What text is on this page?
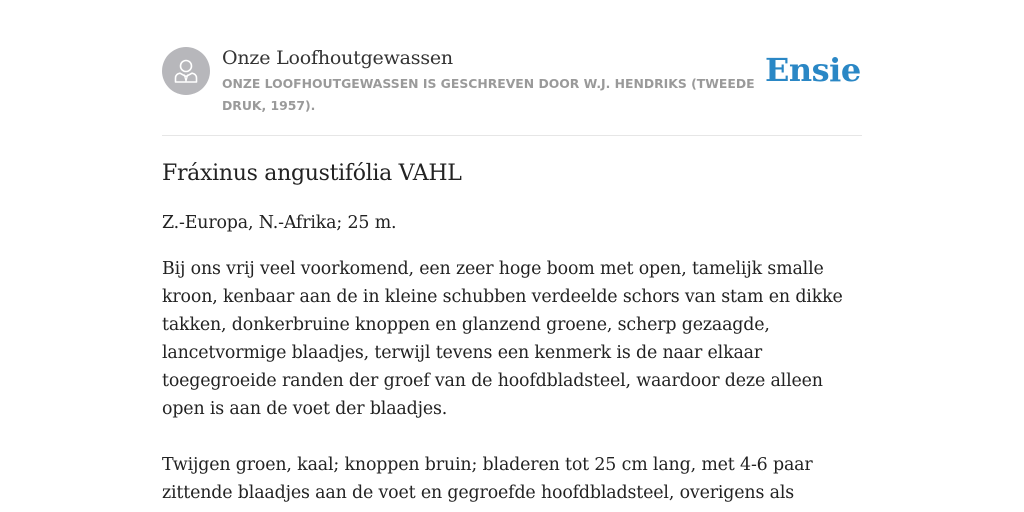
Onze Loofhoutgewassen
ONZE LOOFHOUTGEWASSEN IS GESCHREVEN DOOR W.J. HENDRIKS (TWEEDE DRUK, 1957).
Ensie
Fráxinus angustifólia VAHL

Z.-Europa, N.-Afrika; 25 m.

Bij ons vrij veel voorkomend, een zeer hoge boom met open, tamelijk smalle kroon, kenbaar aan de in kleine schubben verdeelde schors van stam en dikke takken, donkerbruine knoppen en glanzend groene, scherp gezaagde, lancetvormige blaadjes, terwijl tevens een kenmerk is de naar elkaar toegegroeide randen der groef van de hoofdbladsteel, waardoor deze alleen open is aan de voet der blaadjes.

Twijgen groen, kaal; knoppen bruin; bladeren tot 25 cm lang, met 4-6 paar zittende blaadjes aan de voet en gegroefde hoofdbladsteel, overigens als
